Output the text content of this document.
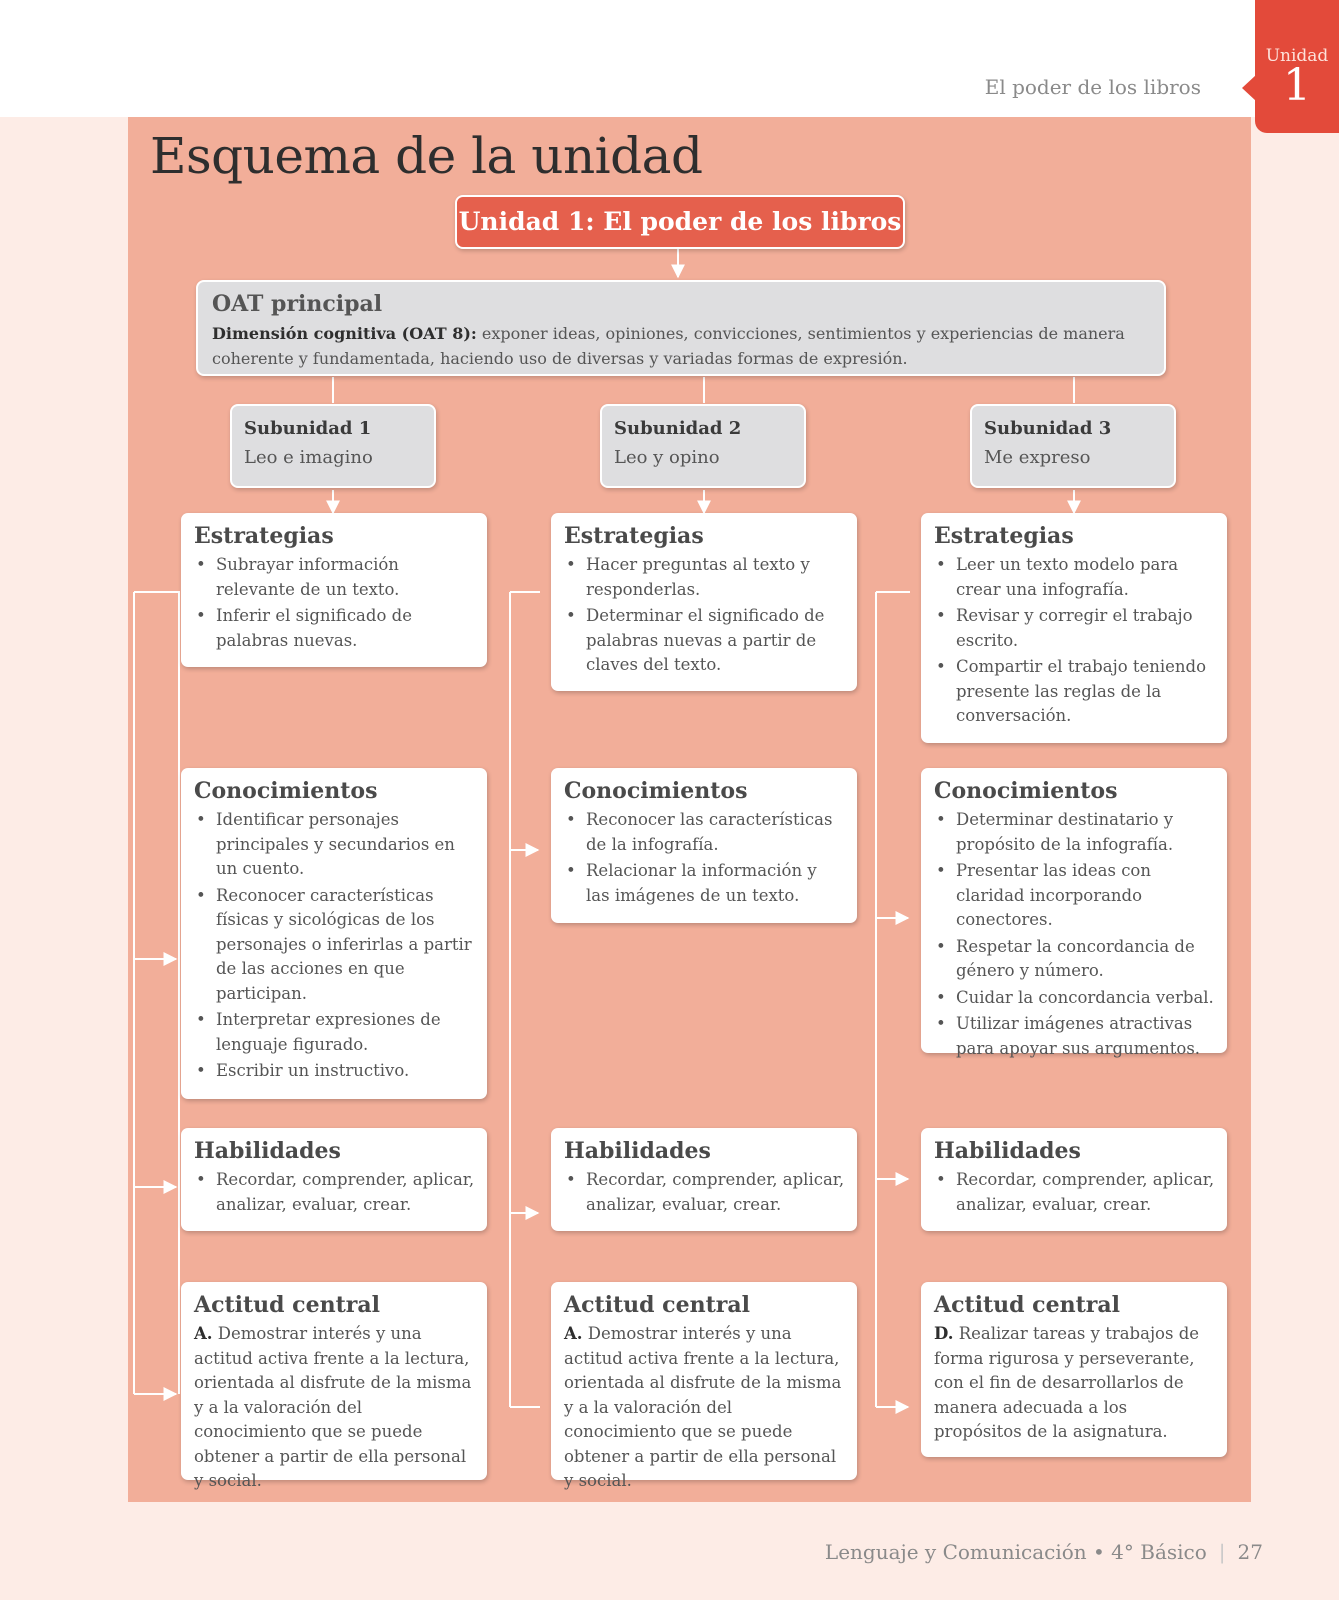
El poder de los libros
Unidad
1
Esquema de la unidad
Unidad 1: El poder de los libros
OAT principal
Dimensión cognitiva (OAT 8): exponer ideas, opiniones, convicciones, sentimientos y experiencias de manera coherente y fundamentada, haciendo uso de diversas y variadas formas de expresión.
Subunidad 1
Leo e imagino
Subunidad 2
Leo y opino
Subunidad 3
Me expreso
Estrategias
• Subrayar información relevante de un texto.
• Inferir el significado de palabras nuevas.
Conocimientos
• Identificar personajes principales y secundarios en un cuento.
• Reconocer características físicas y sicológicas de los personajes o inferirlas a partir de las acciones en que participan.
• Interpretar expresiones de lenguaje figurado.
• Escribir un instructivo.
Habilidades
• Recordar, comprender, aplicar, analizar, evaluar, crear.
Actitud central

A. Demostrar interés y una actitud activa frente a la lectura, orientada al disfrute de la misma y a la valoración del conocimiento que se puede obtener a partir de ella personal y social.

Estrategias
• Hacer preguntas al texto y responderlas.
• Determinar el significado de palabras nuevas a partir de claves del texto.
Conocimientos
• Reconocer las características de la infografía.
• Relacionar la información y las imágenes de un texto.
Habilidades
• Recordar, comprender, aplicar, analizar, evaluar, crear.
Actitud central

A. Demostrar interés y una actitud activa frente a la lectura, orientada al disfrute de la misma y a la valoración del conocimiento que se puede obtener a partir de ella personal y social.

Estrategias
• Leer un texto modelo para crear una infografía.
• Revisar y corregir el trabajo escrito.
• Compartir el trabajo teniendo presente las reglas de la conversación.
Conocimientos
• Determinar destinatario y propósito de la infografía.
• Presentar las ideas con claridad incorporando conectores.
• Respetar la concordancia de género y número.
• Cuidar la concordancia verbal.
• Utilizar imágenes atractivas para apoyar sus argumentos.
Habilidades
• Recordar, comprender, aplicar, analizar, evaluar, crear.
Actitud central

D. Realizar tareas y trabajos de forma rigurosa y perseverante, con el fin de desarrollarlos de manera adecuada a los propósitos de la asignatura.

Lenguaje y Comunicación • 4° Básico | 27
